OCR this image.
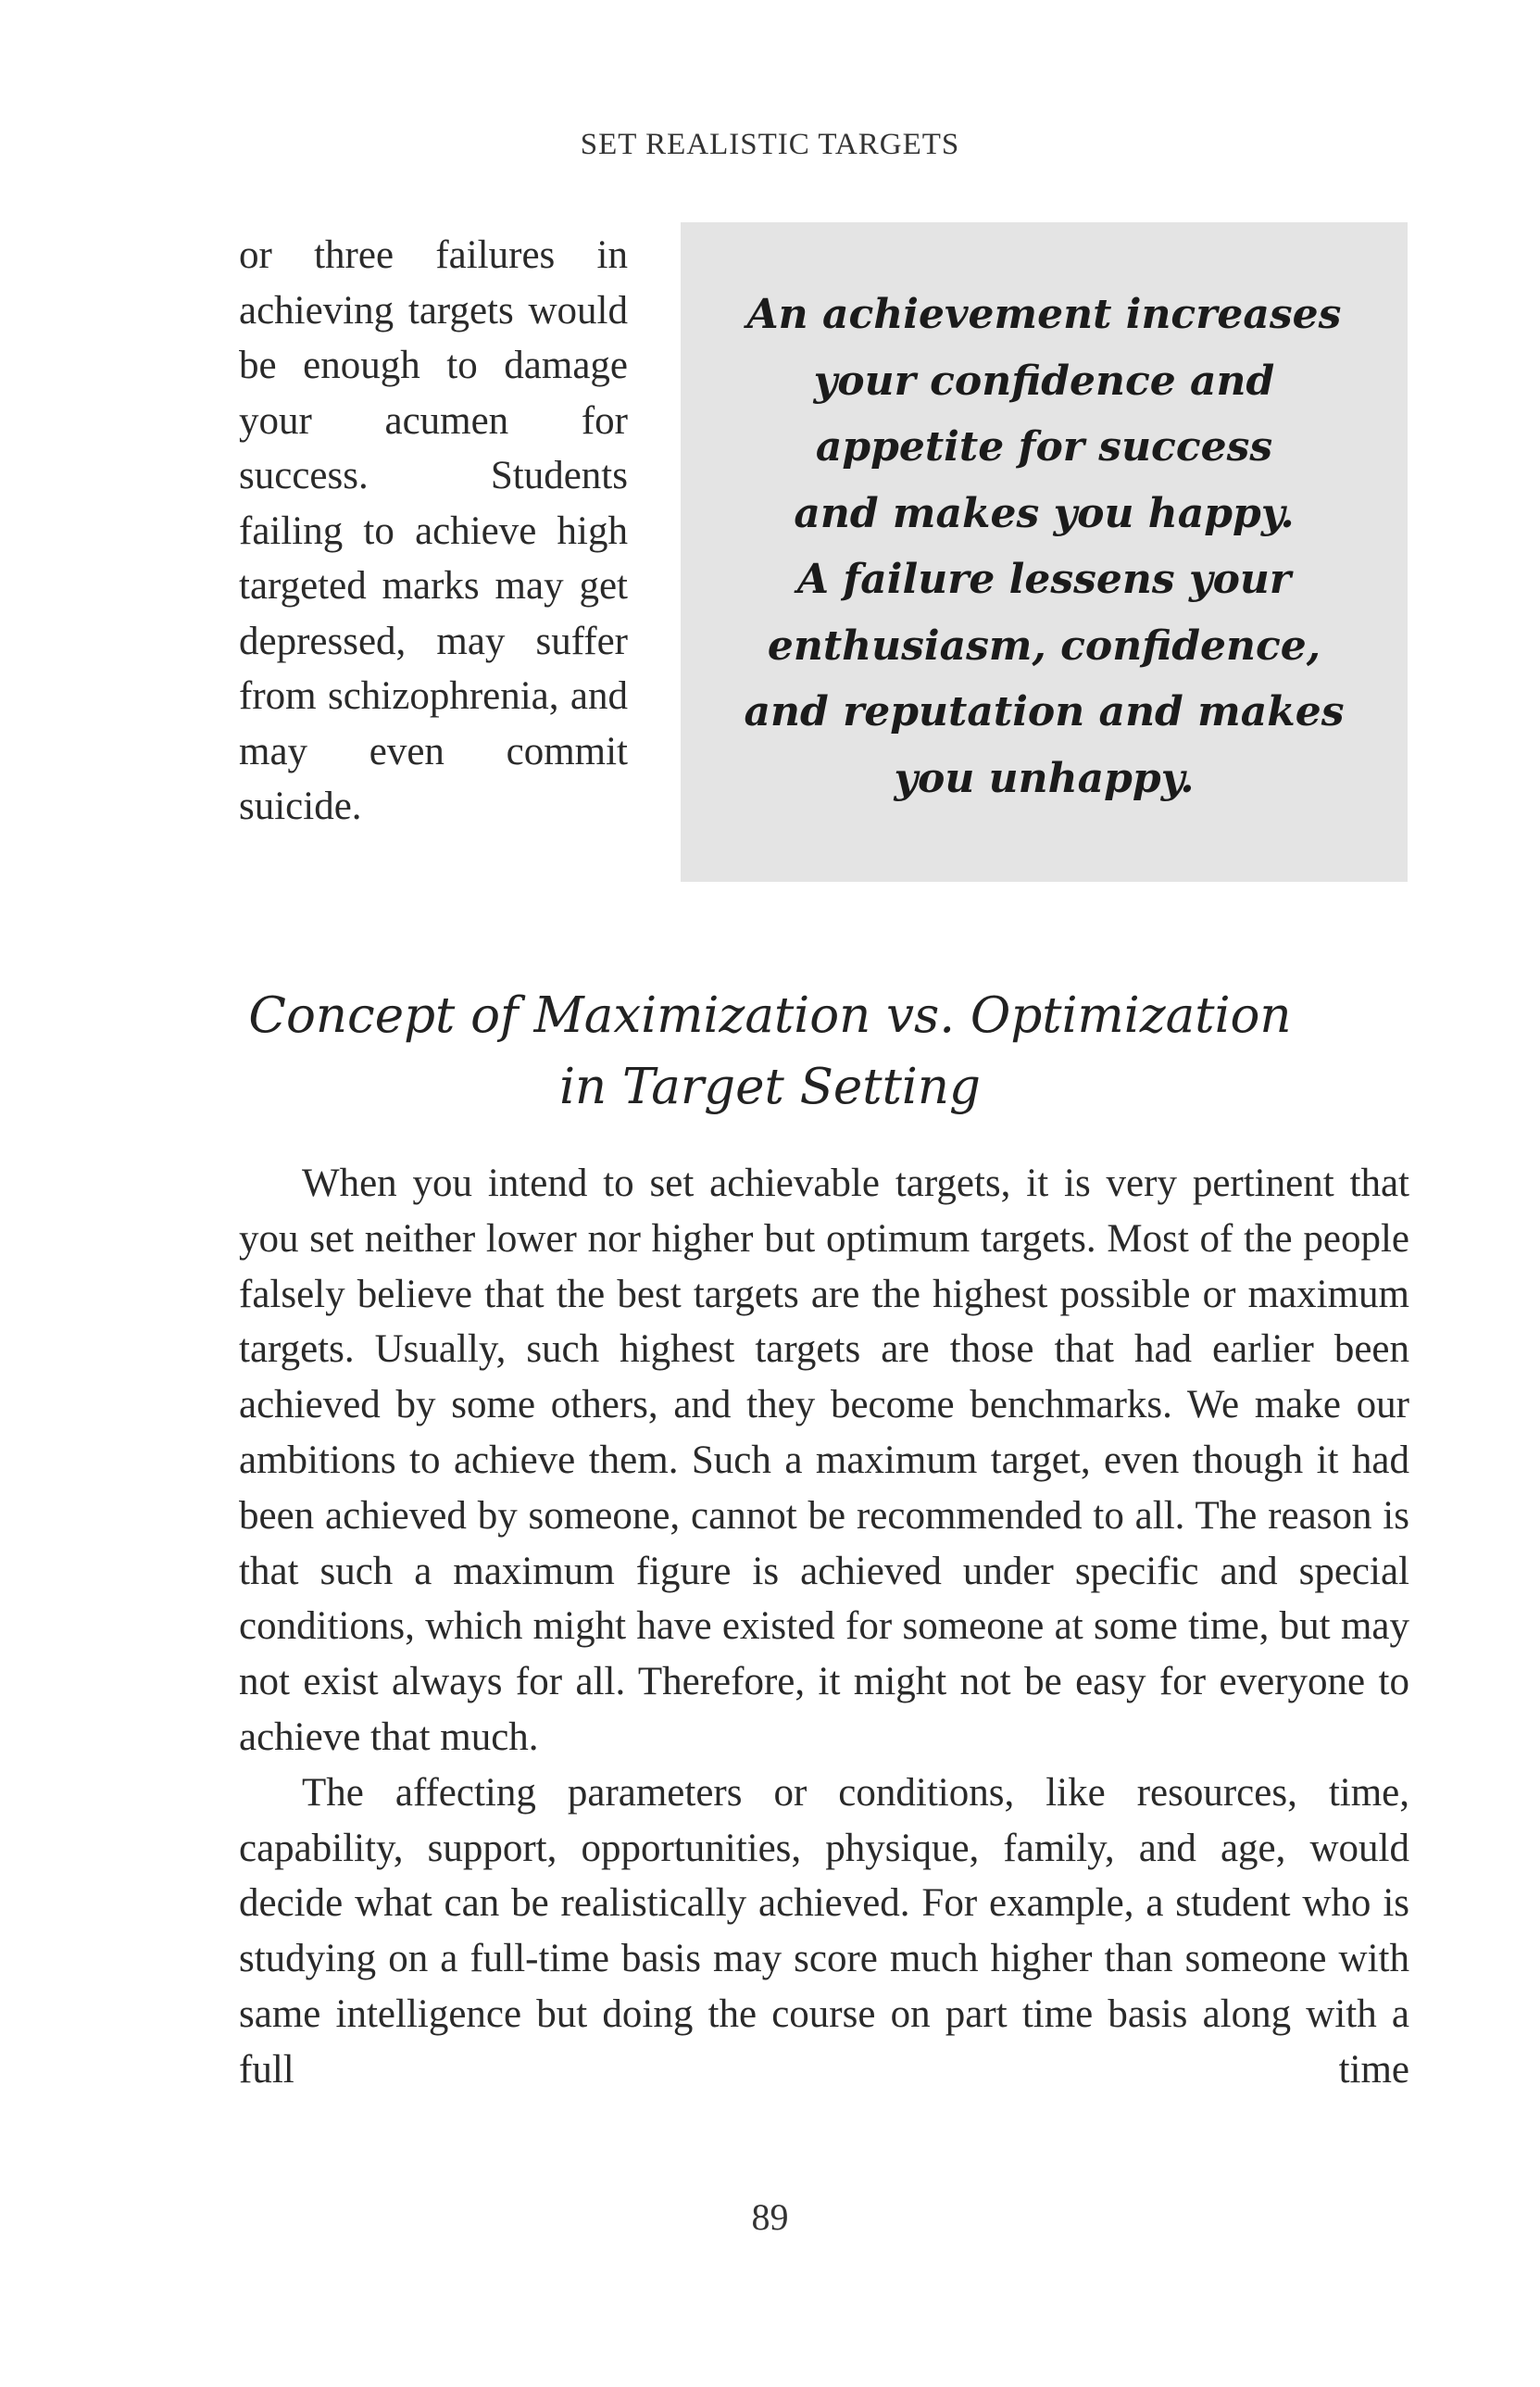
SET REALISTIC TARGETS
or three failures in achieving targets would be enough to damage your acumen for success. Students failing to achieve high targeted marks may get depressed, may suffer from schizophrenia, and may even commit suicide.
An achievement increases
your confidence and
appetite for success
and makes you happy.
A failure lessens your
enthusiasm, confidence,
and reputation and makes
you unhappy.
Concept of Maximization vs. Optimization
in Target Setting

When you intend to set achievable targets, it is very pertinent that you set neither lower nor higher but optimum targets. Most of the people falsely believe that the best targets are the highest possible or maximum targets. Usually, such highest targets are those that had earlier been achieved by some others, and they become benchmarks. We make our ambitions to achieve them. Such a maximum target, even though it had been achieved by someone, cannot be recommended to all. The reason is that such a maximum figure is achieved under specific and special conditions, which might have existed for someone at some time, but may not exist always for all. Therefore, it might not be easy for everyone to achieve that much.

The affecting parameters or conditions, like resources, time, capability, support, opportunities, physique, family, and age, would decide what can be realistically achieved. For example, a student who is studying on a full-time basis may score much higher than someone with same intelligence but doing the course on part time basis along with a full time

89
